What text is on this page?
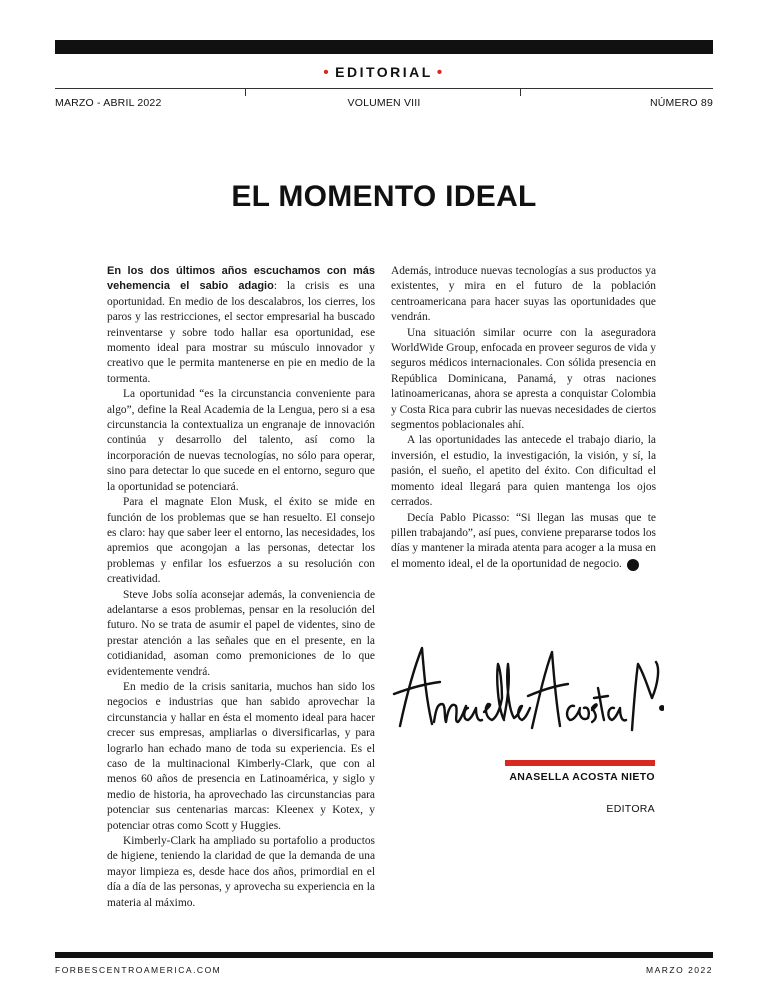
• EDITORIAL •
MARZO - ABRIL 2022	VOLUMEN VIII	NÚMERO 89
EL MOMENTO IDEAL

En los dos últimos años escuchamos con más vehemencia el sabio adagio: la crisis es una oportunidad. En medio de los descalabros, los cierres, los paros y las restricciones, el sector empresarial ha buscado reinventarse y sobre todo hallar esa oportunidad, ese momento ideal para mostrar su músculo innovador y creativo que le permita mantenerse en pie en medio de la tormenta.

La oportunidad “es la circunstancia conveniente para algo”, define la Real Academia de la Lengua, pero si a esa circunstancia la contextualiza un engranaje de innovación continúa y desarrollo del talento, así como la incorporación de nuevas tecnologías, no sólo para operar, sino para detectar lo que sucede en el entorno, seguro que la oportunidad se potenciará.

Para el magnate Elon Musk, el éxito se mide en función de los problemas que se han resuelto. El consejo es claro: hay que saber leer el entorno, las necesidades, los apremios que acongojan a las personas, detectar los problemas y enfilar los esfuerzos a su resolución con creatividad.

Steve Jobs solía aconsejar además, la conveniencia de adelantarse a esos problemas, pensar en la resolución del futuro. No se trata de asumir el papel de videntes, sino de prestar atención a las señales que en el presente, en la cotidianidad, asoman como premoniciones de lo que evidentemente vendrá.

En medio de la crisis sanitaria, muchos han sido los negocios e industrias que han sabido aprovechar la circunstancia y hallar en ésta el momento ideal para hacer crecer sus empresas, ampliarlas o diversificarlas, y para lograrlo han echado mano de toda su experiencia. Es el caso de la multinacional Kimberly-Clark, que con al menos 60 años de presencia en Latinoamérica, y siglo y medio de historia, ha aprovechado las circunstancias para potenciar sus centenarias marcas: Kleenex y Kotex, y potenciar otras como Scott y Huggies.

Kimberly-Clark ha ampliado su portafolio a productos de higiene, teniendo la claridad de que la demanda de una mayor limpieza es, desde hace dos años, primordial en el día a día de las personas, y aprovecha su experiencia en la materia al máximo.

Además, introduce nuevas tecnologías a sus productos ya existentes, y mira en el futuro de la población centroamericana para hacer suyas las oportunidades que vendrán.

Una situación similar ocurre con la aseguradora WorldWide Group, enfocada en proveer seguros de vida y seguros médicos internacionales. Con sólida presencia en República Dominicana, Panamá, y otras naciones latinoamericanas, ahora se apresta a conquistar Colombia y Costa Rica para cubrir las nuevas necesidades de ciertos segmentos poblacionales ahí.

A las oportunidades las antecede el trabajo diario, la inversión, el estudio, la investigación, la visión, y sí, la pasión, el sueño, el apetito del éxito. Con dificultad el momento ideal llegará para quien mantenga los ojos cerrados.

Decía Pablo Picasso: “Si llegan las musas que te pillen trabajando”, así pues, conviene prepararse todos los días y mantener la mirada atenta para acoger a la musa en el momento ideal, el de la oportunidad de negocio. F

Anasella Acosta N.
ANASELLA ACOSTA NIETO
EDITORA
FORBESCENTROAMERICA.COM	MARZO 2022
